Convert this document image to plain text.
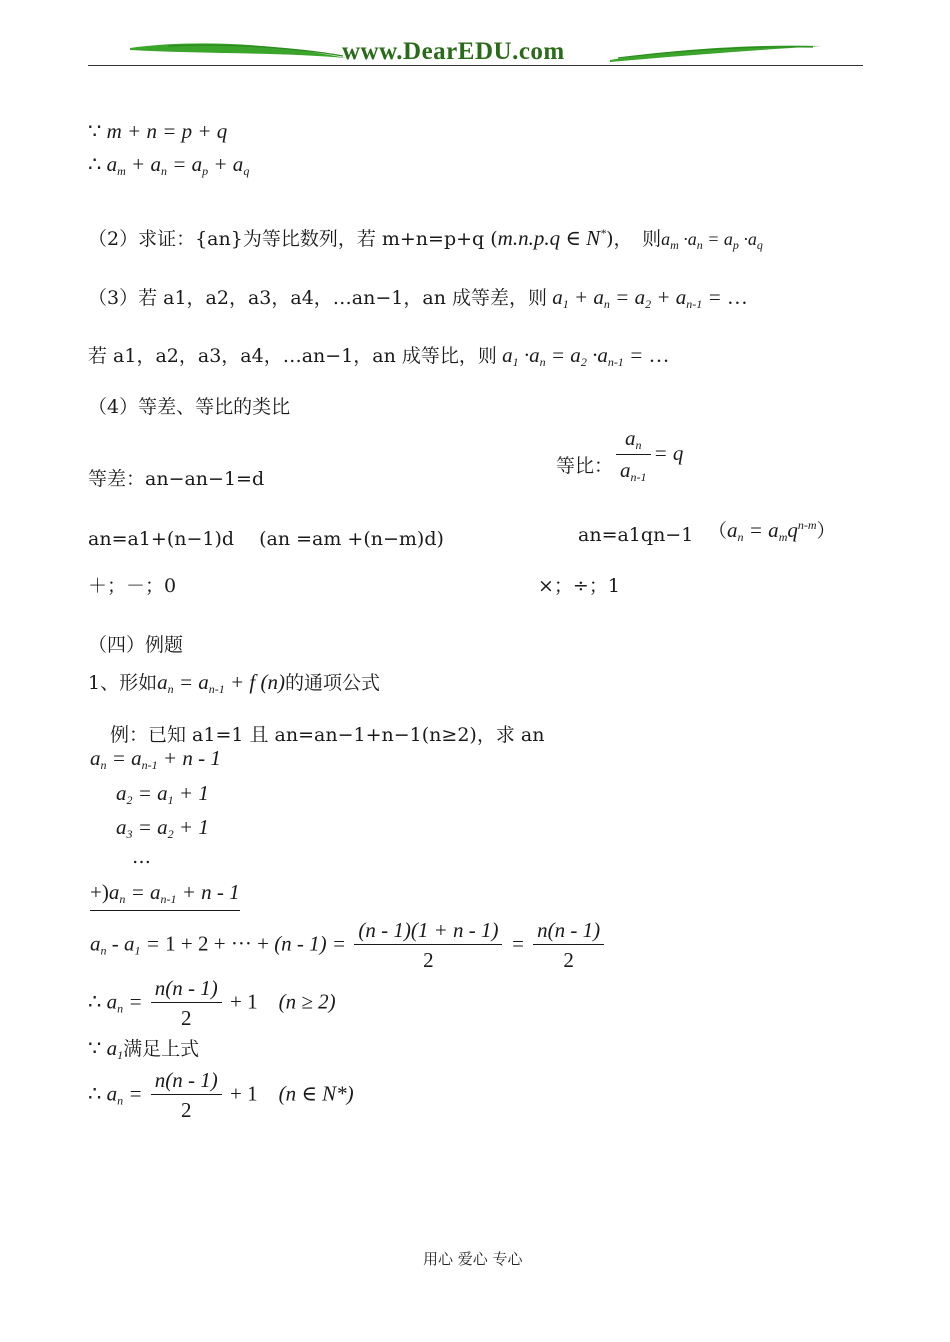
www.DearEDU.com
∵ m + n = p + q
∴ $a_m + a_n = a_p + a_q$
（2）求证：{an}为等比数列，若 m+n=p+q (m.n.p.q ∈ N*)，　 则$a_m \cdot a_n = a_p \cdot a_q$
（3）若 a1，a2，a3，a4，…an−1，an 成等差，则 $a_1 + a_n = a_2 + a_{n-1}$ = …
若 a1，a2，a3，a4，…an−1，an 成等比，则 $a_1 \cdot a_n = a_2 \cdot a_{n-1}$ = …
（4）等差、等比的类比
等差：an−an−1=d
等比： $\frac{a_n}{a_{n-1}} = q$
an=a1+(n−1)d　 (an =am +(n−m)d)	an=a1qn−1 $(a_n = a_mq^{n-m})$
＋；－；0	×；÷；1
（四）例题
1、形如$a_n = a_{n-1} + f$ (n)的通项公式
例：已知 a1=1 且 an=an−1+n−1(n≥2)，求 an
$a_n = a_{n-1} + n - 1$
$a_2 = a_1 + 1$
$a_3 = a_2 + 1$
…
$+)a_n = a_{n-1} + n - 1$
$a_n - a_1 = 1 + 2$ + ··· + $(n - 1) = \frac{(n - 1)(1 + n - 1)}{2} = \frac{n(n - 1)}{2}$
∴ $a_n = \frac{n(n - 1)}{2} + 1$　(n ≥ 2)
∵ $a_1$满足上式
∴ $a_n = \frac{n(n - 1)}{2} + 1$　(n ∈ N*)
用心 爱心 专心
